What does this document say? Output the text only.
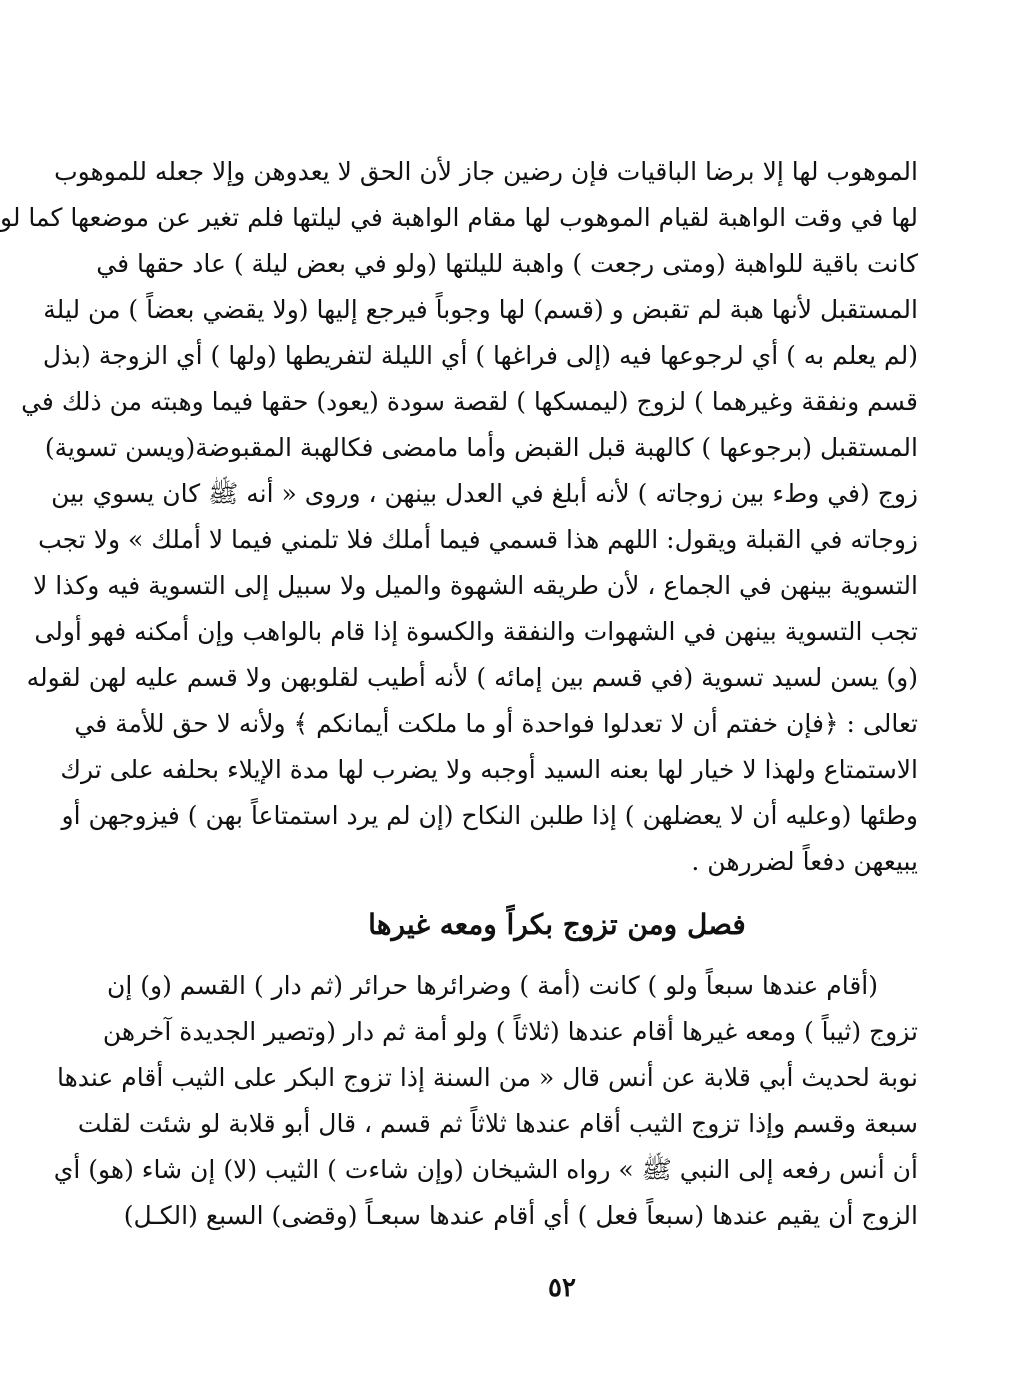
الموهوب لها إلا برضا الباقيات فإن رضين جاز لأن الحق لا يعدوهن وإلا جعله للموهوب
لها في وقت الواهبة لقيام الموهوب لها مقام الواهبة في ليلتها فلم تغير عن موضعها كما لو
كانت باقية للواهبة (ومتى رجعت ) واهبة لليلتها (ولو في بعض ليلة ) عاد حقها في
المستقبل لأنها هبة لم تقبض و (قسم) لها وجوباً فيرجع إليها (ولا يقضي بعضاً ) من ليلة
(لم يعلم به ) أي لرجوعها فيه (إلى فراغها ) أي الليلة لتفريطها (ولها ) أي الزوجة (بذل
قسم ونفقة وغيرهما ) لزوج (ليمسكها ) لقصة سودة (يعود) حقها فيما وهبته من ذلك في
المستقبل (برجوعها ) كالهبة قبل القبض وأما مامضى فكالهبة المقبوضة(ويسن تسوية)
زوج (في وطء بين زوجاته ) لأنه أبلغ في العدل بينهن ، وروى « أنه ﷺ كان يسوي بين
زوجاته في القبلة ويقول: اللهم هذا قسمي فيما أملك فلا تلمني فيما لا أملك » ولا تجب
التسوية بينهن في الجماع ، لأن طريقه الشهوة والميل ولا سبيل إلى التسوية فيه وكذا لا
تجب التسوية بينهن في الشهوات والنفقة والكسوة إذا قام بالواهب وإن أمكنه فهو أولى
(و) يسن لسيد تسوية (في قسم بين إمائه ) لأنه أطيب لقلوبهن ولا قسم عليه لهن لقوله
تعالى : ﴿فإن خفتم أن لا تعدلوا فواحدة أو ما ملكت أيمانكم ﴾ ولأنه لا حق للأمة في
الاستمتاع ولهذا لا خيار لها بعنه السيد أوجبه ولا يضرب لها مدة الإيلاء بحلفه على ترك
وطئها (وعليه أن لا يعضلهن ) إذا طلبن النكاح (إن لم يرد استمتاعاً بهن ) فيزوجهن أو
يبيعهن دفعاً لضررهن .
فصل ومن تزوج بكراً ومعه غيرها
(أقام عندها سبعاً ولو ) كانت (أمة ) وضرائرها حرائر (ثم دار ) القسم (و) إن
تزوج (ثيباً ) ومعه غيرها أقام عندها (ثلاثاً ) ولو أمة ثم دار (وتصير الجديدة آخرهن
نوبة لحديث أبي قلابة عن أنس قال « من السنة إذا تزوج البكر على الثيب أقام عندها
سبعة وقسم وإذا تزوج الثيب أقام عندها ثلاثاً ثم قسم ، قال أبو قلابة لو شئت لقلت
أن أنس رفعه إلى النبي ﷺ » رواه الشيخان (وإن شاءت ) الثيب (لا) إن شاء (هو) أي
الزوج أن يقيم عندها (سبعاً فعل ) أي أقام عندها سبعـاً (وقضى) السبع (الكـل)
٥٢
